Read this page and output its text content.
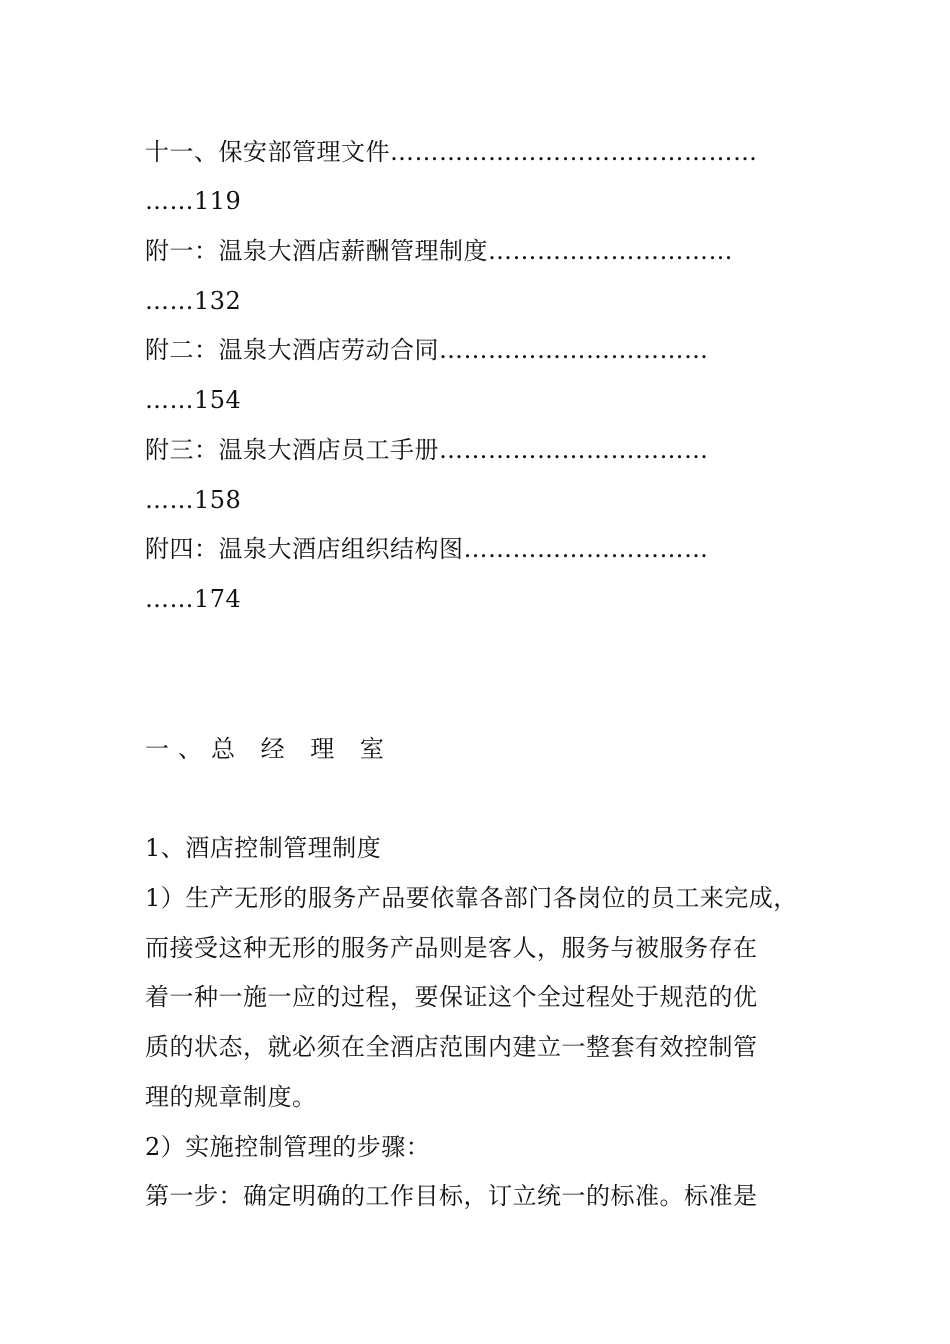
十一、保安部管理文件………………………………………
……119
附一：温泉大酒店薪酬管理制度…………………………
……132
附二：温泉大酒店劳动合同……………………………
……154
附三：温泉大酒店员工手册……………………………
……158
附四：温泉大酒店组织结构图…………………………
……174
一、总 经 理 室
1、酒店控制管理制度
1）生产无形的服务产品要依靠各部门各岗位的员工来完成，
而接受这种无形的服务产品则是客人，服务与被服务存在
着一种一施一应的过程，要保证这个全过程处于规范的优
质的状态，就必须在全酒店范围内建立一整套有效控制管
理的规章制度。
2）实施控制管理的步骤：
第一步：确定明确的工作目标，订立统一的标准。标准是
